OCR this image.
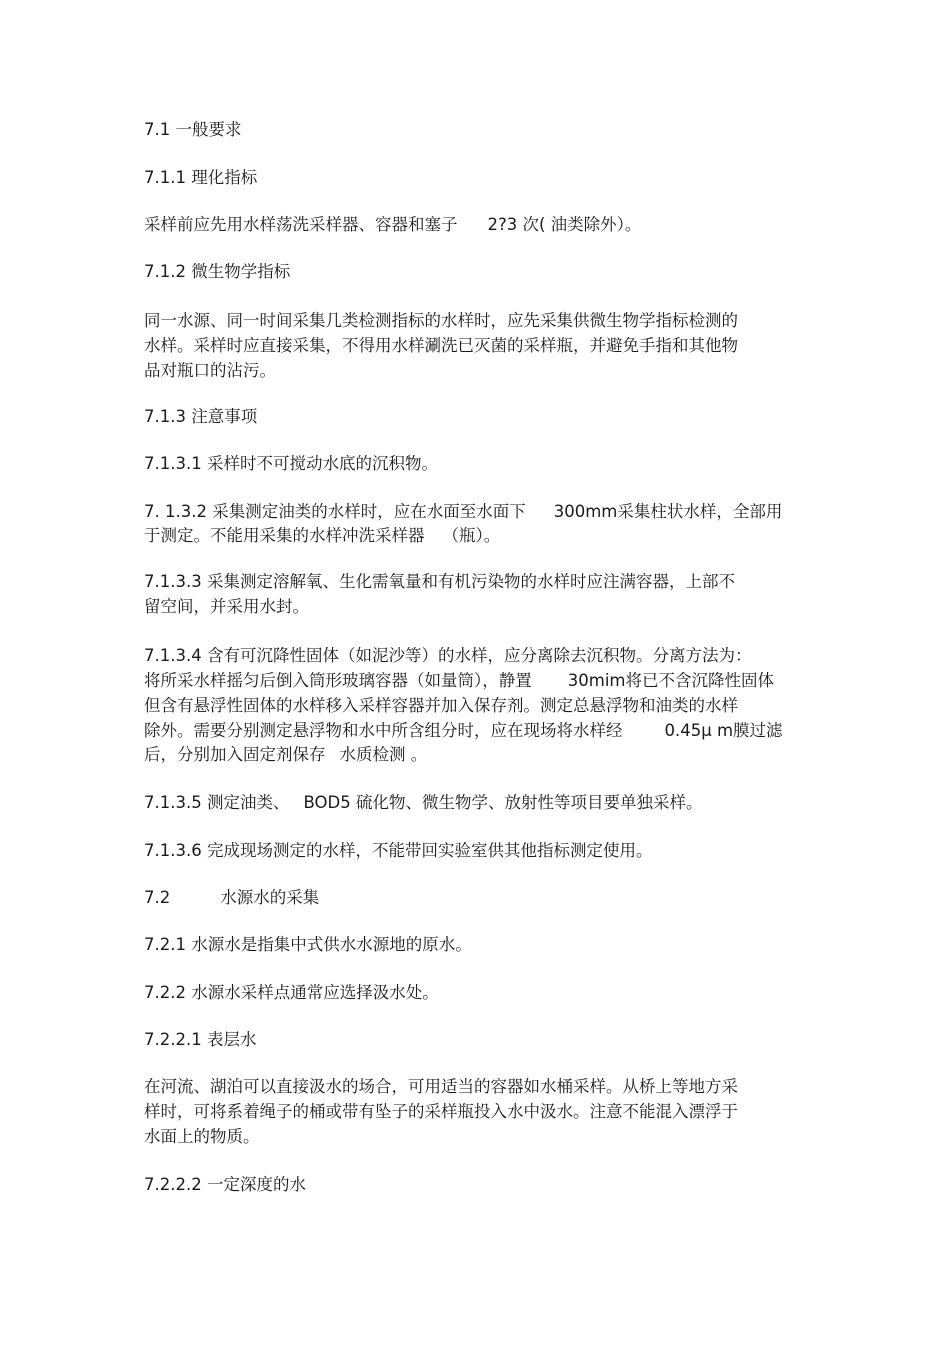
7.1 一般要求
7.1.1 理化指标
采样前应先用水样荡洗采样器、容器和塞子 2?3 次( 油类除外）。
7.1.2 微生物学指标
同一水源、同一时间采集几类检测指标的水样时，应先采集供微生物学指标检测的
水样。采样时应直接采集，不得用水样涮洗已灭菌的采样瓶，并避免手指和其他物
品对瓶口的沾污。
7.1.3 注意事项
7.1.3.1 采样时不可搅动水底的沉积物。
7. 1.3.2 采集测定油类的水样时，应在水面至水面下 300mm采集柱状水样，全部用
于测定。不能用采集的水样冲洗采样器 （瓶）。
7.1.3.3 采集测定溶解氧、生化需氧量和有机污染物的水样时应注满容器，上部不
留空间，并采用水封。
7.1.3.4 含有可沉降性固体（如泥沙等）的水样，应分离除去沉积物。分离方法为：
将所采水样摇匀后倒入筒形玻璃容器（如量筒），静置 30mim将已不含沉降性固体
但含有悬浮性固体的水样移入采样容器并加入保存剂。测定总悬浮物和油类的水样
除外。需要分别测定悬浮物和水中所含组分时，应在现场将水样经	0.45μ m膜过滤
后，分别加入固定剂保存 水质检测 。
7.1.3.5 测定油类、 BOD5 硫化物、微生物学、放射性等项目要单独采样。
7.1.3.6 完成现场测定的水样，不能带回实验室供其他指标测定使用。
7.2	水源水的采集
7.2.1 水源水是指集中式供水水源地的原水。
7.2.2 水源水采样点通常应选择汲水处。
7.2.2.1 表层水
在河流、湖泊可以直接汲水的场合，可用适当的容器如水桶采样。从桥上等地方采
样时，可将系着绳子的桶或带有坠子的采样瓶投入水中汲水。注意不能混入漂浮于
水面上的物质。
7.2.2.2 一定深度的水
